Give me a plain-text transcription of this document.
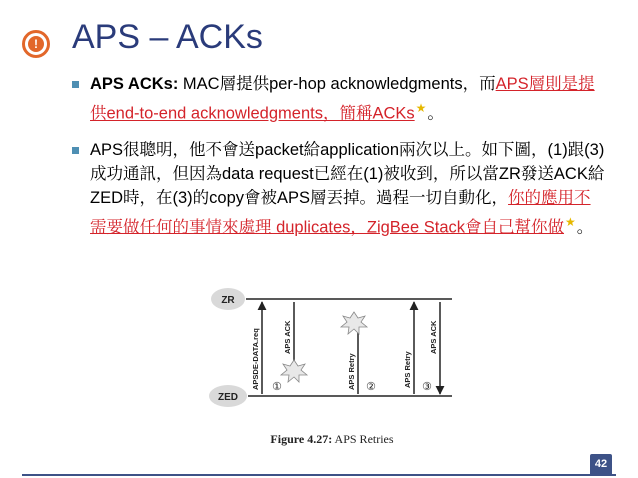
! APS – ACKs
APS ACKs: MAC層提供per-hop acknowledgments，而APS層則是提供end-to-end acknowledgments，簡稱ACKs★。
APS很聰明，他不會送packet給application兩次以上。如下圖，(1)跟(3)成功通訊，但因為data request已經在(1)被收到，所以當ZR發送ACK給ZED時，在(3)的copy會被APS層丟掉。過程一切自動化，你的應用不需要做任何的事情來處理 duplicates，ZigBee Stack會自己幫你做★。
ZR
ZED
APSDE-DATA.req	APS ACK
APS Retry	APS Retry
APS ACK
①	②	③
Figure 4.27: APS Retries
42
